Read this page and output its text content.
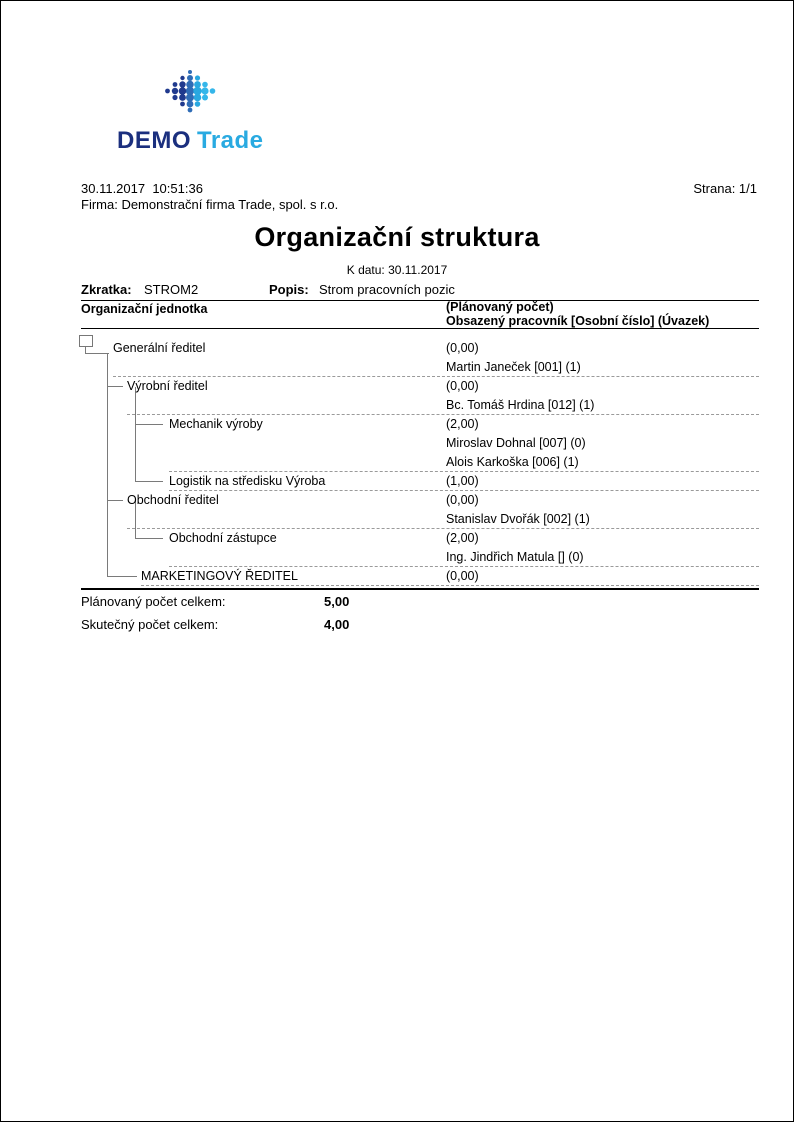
DEMO Trade
30.11.2017  10:51:36	Strana: 1/1
Firma: Demonstrační firma Trade, spol. s r.o.
Organizační struktura
K datu: 30.11.2017
Zkratka: STROM2	Popis: Strom pracovních pozic
Organizační jednotka	(Plánovaný počet)
Obsazený pracovník [Osobní číslo] (Úvazek)
Generální ředitel	(0,00)
Martin Janeček [001] (1)
Výrobní ředitel	(0,00)
Bc. Tomáš Hrdina [012] (1)
Mechanik výroby	(2,00)
Miroslav Dohnal [007] (0)
Alois Karkoška [006] (1)
Logistik na středisku Výroba	(1,00)
Obchodní ředitel	(0,00)
Stanislav Dvořák [002] (1)
Obchodní zástupce	(2,00)
Ing. Jindřich Matula [] (0)
MARKETINGOVÝ ŘEDITEL	(0,00)
Plánovaný počet celkem:	5,00
Skutečný počet celkem:	4,00
